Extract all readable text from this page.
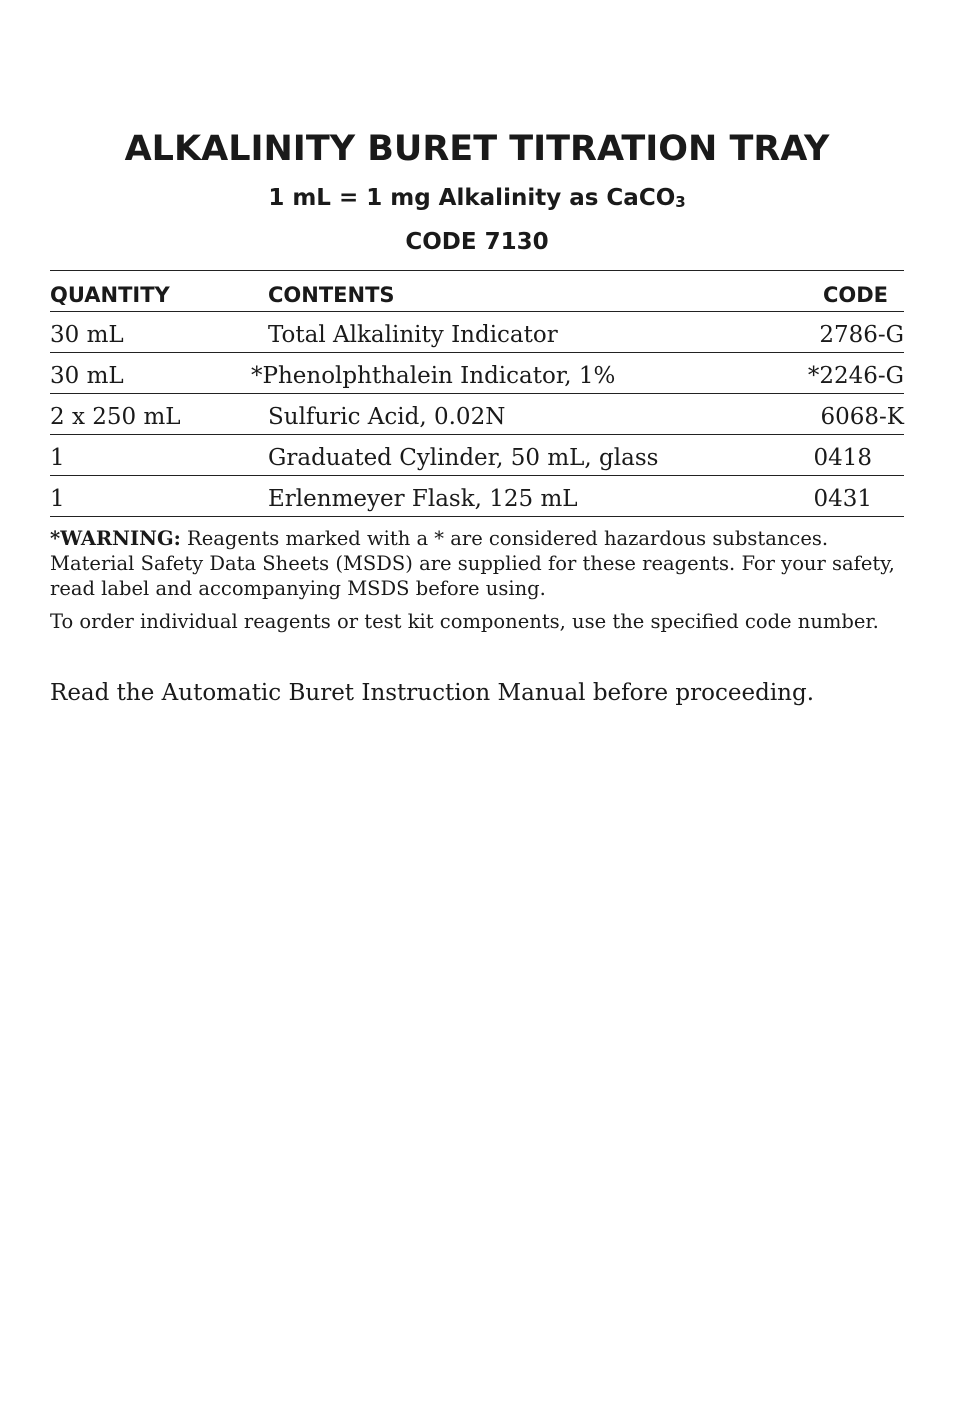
ALKALINITY BURET TITRATION TRAY
1 mL = 1 mg Alkalinity as CaCO$_3$
CODE 7130
QUANTITY	CONTENTS	CODE
30 mL	Total Alkalinity Indicator	2786-G
30 mL	*Phenolphthalein Indicator, 1%	*2246-G
2 x 250 mL	Sulfuric Acid, 0.02N	6068-K
1	Graduated Cylinder, 50 mL, glass	0418
1	Erlenmeyer Flask, 125 mL	0431

*WARNING: Reagents marked with a * are considered hazardous substances. Material Safety Data Sheets (MSDS) are supplied for these reagents. For your safety, read label and accompanying MSDS before using.

To order individual reagents or test kit components, use the specified code number.

Read the Automatic Buret Instruction Manual before proceeding.
